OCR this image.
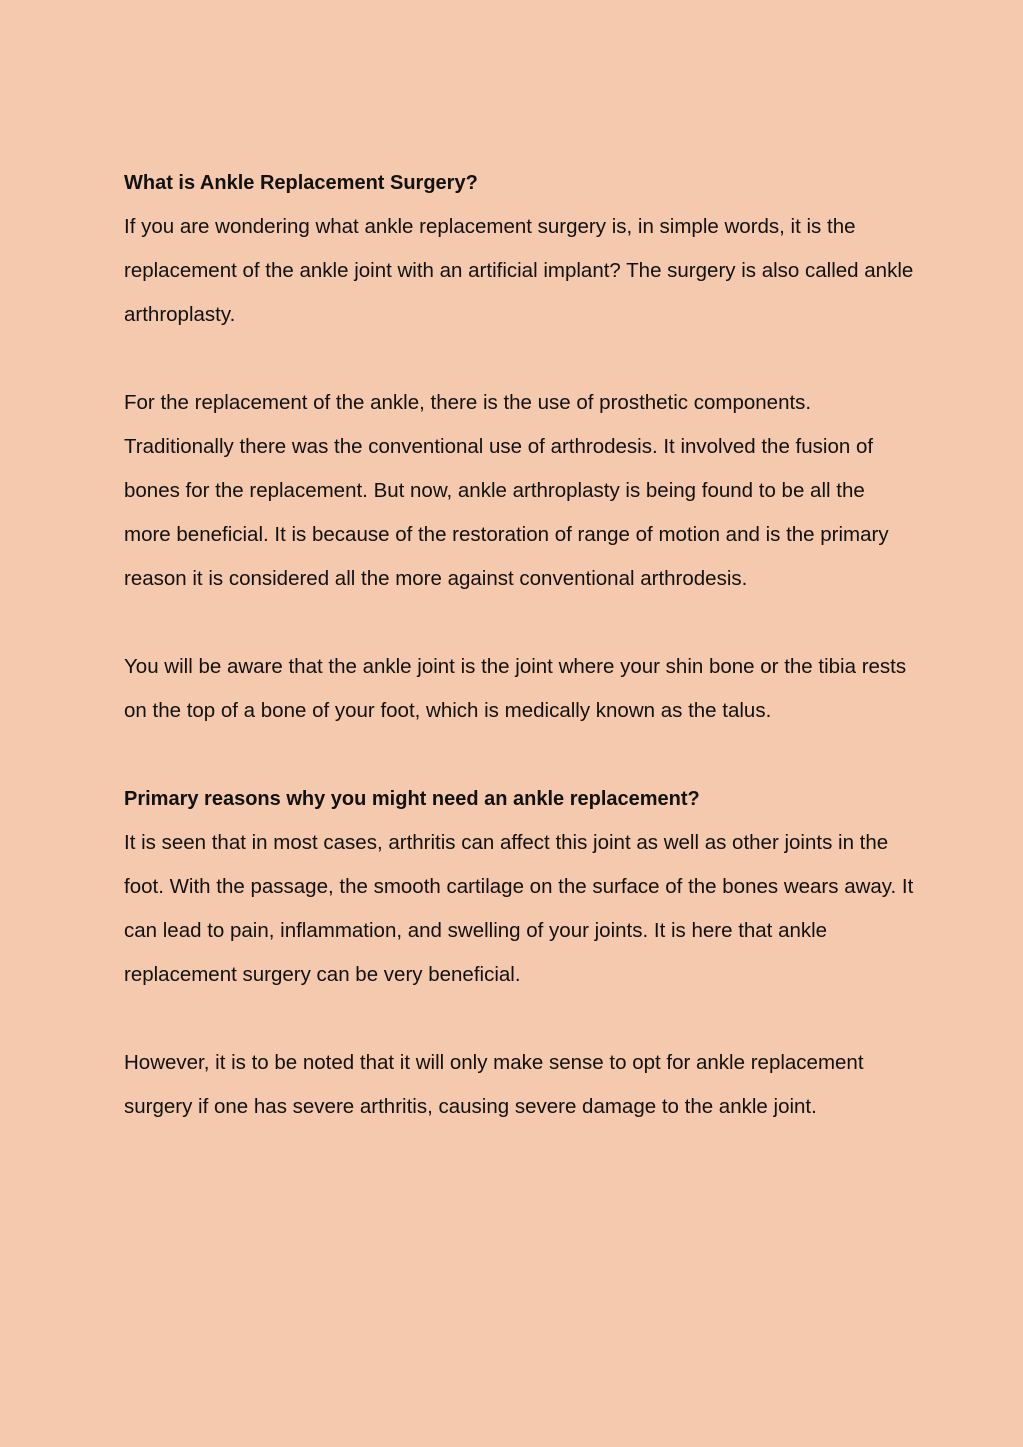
What is Ankle Replacement Surgery?

If you are wondering what ankle replacement surgery is, in simple words, it is the replacement of the ankle joint with an artificial implant? The surgery is also called ankle arthroplasty.

For the replacement of the ankle, there is the use of prosthetic components. Traditionally there was the conventional use of arthrodesis. It involved the fusion of bones for the replacement. But now, ankle arthroplasty is being found to be all the more beneficial. It is because of the restoration of range of motion and is the primary reason it is considered all the more against conventional arthrodesis.

You will be aware that the ankle joint is the joint where your shin bone or the tibia rests on the top of a bone of your foot, which is medically known as the talus.

Primary reasons why you might need an ankle replacement?

It is seen that in most cases, arthritis can affect this joint as well as other joints in the foot. With the passage, the smooth cartilage on the surface of the bones wears away. It can lead to pain, inflammation, and swelling of your joints. It is here that ankle replacement surgery can be very beneficial.

However, it is to be noted that it will only make sense to opt for ankle replacement surgery if one has severe arthritis, causing severe damage to the ankle joint.
